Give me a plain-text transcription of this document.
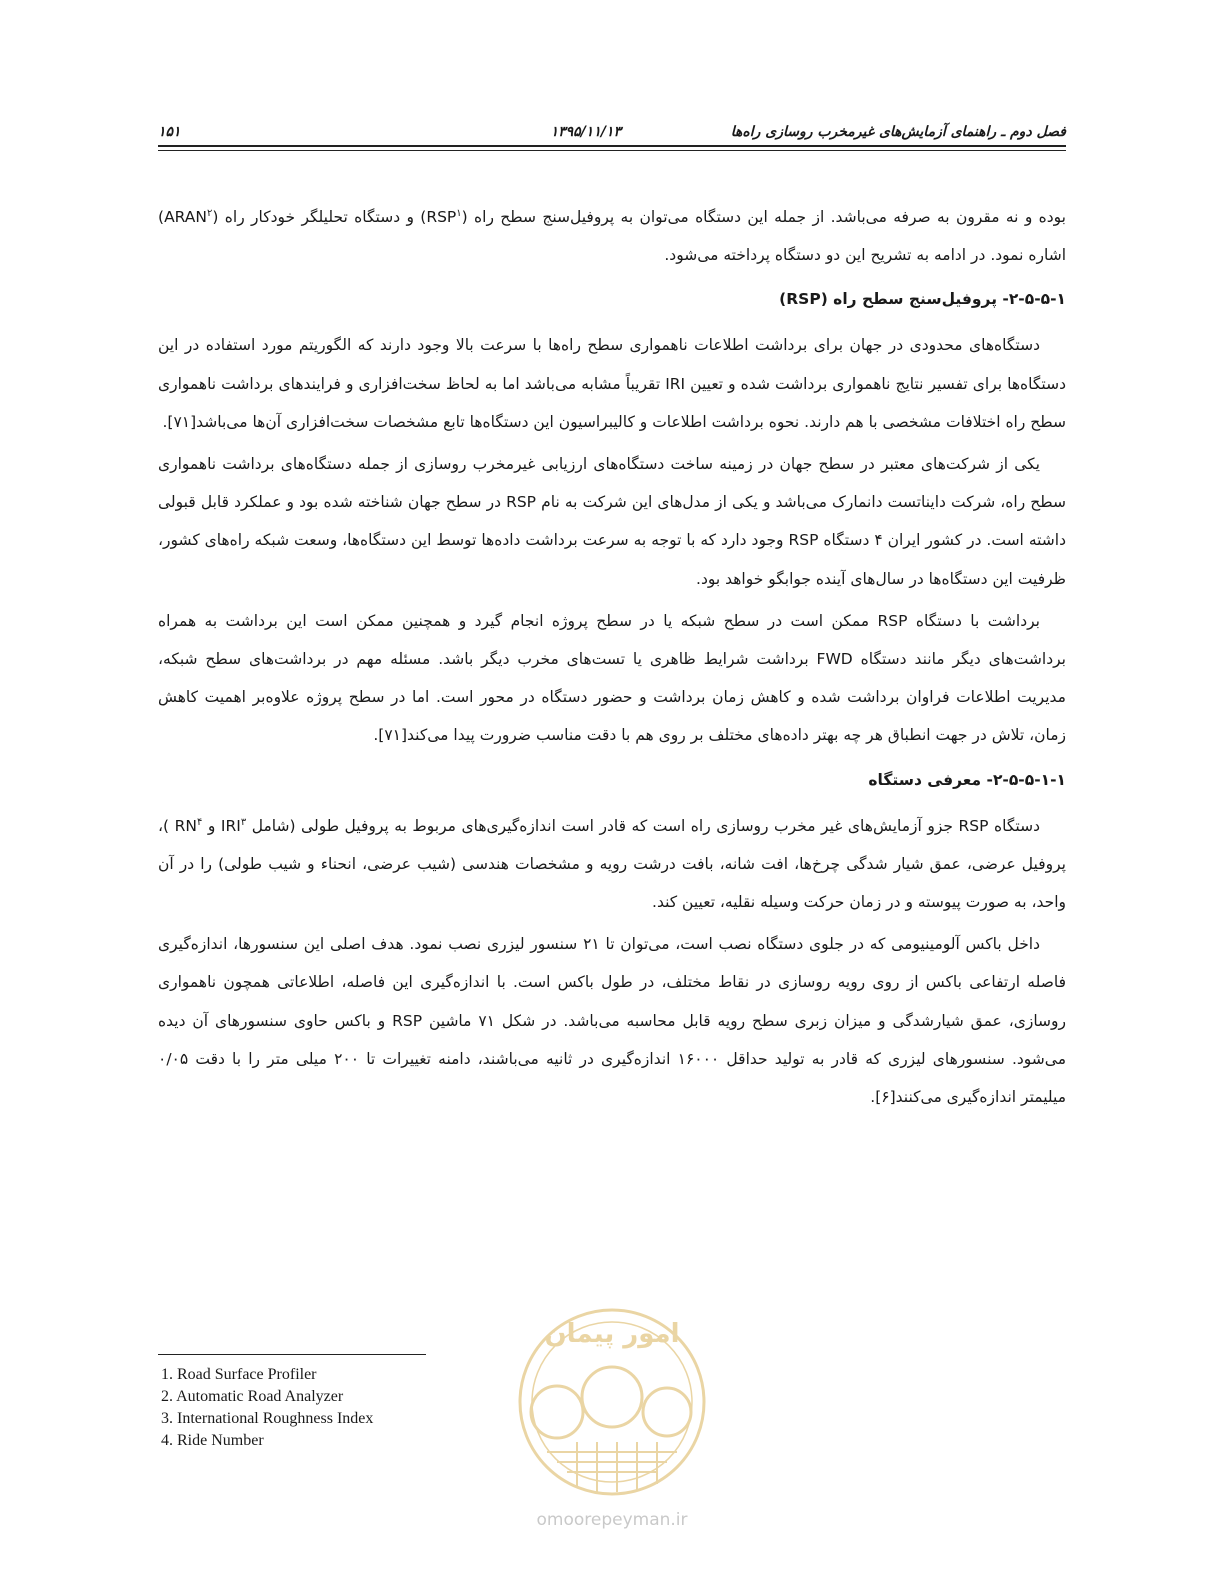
فصل دوم ـ راهنمای آزمایش‌های غیرمخرب روسازی راه‌ها
۱۳۹۵/۱۱/۱۳
۱۵۱

بوده و نه مقرون به صرفه می‌باشد. از جمله این دستگاه می‌توان به پروفیل‌سنج سطح راه (RSP$^۱$) و دستگاه تحلیلگر خودکار راه (ARAN$^۲$) اشاره نمود. در ادامه به تشریح این دو دستگاه پرداخته می‌شود.

۲-۵-۵-۱- پروفیل‌سنج سطح راه (RSP)

دستگاه‌های محدودی در جهان برای برداشت اطلاعات ناهمواری سطح راه‌ها با سرعت بالا وجود دارند که الگوریتم مورد استفاده در این دستگاه‌ها برای تفسیر نتایج ناهمواری برداشت شده و تعیین IRI تقریباً مشابه می‌باشد اما به لحاظ سخت‌افزاری و فرایندهای برداشت ناهمواری سطح راه اختلافات مشخصی با هم دارند. نحوه برداشت اطلاعات و کالیبراسیون این دستگاه‌ها تابع مشخصات سخت‌افزاری آن‌ها می‌باشد[۷۱].

یکی از شرکت‌های معتبر در سطح جهان در زمینه ساخت دستگاه‌های ارزیابی غیرمخرب روسازی از جمله دستگاه‌های برداشت ناهمواری سطح راه، شرکت دایناتست دانمارک می‌باشد و یکی از مدل‌های این شرکت به نام RSP در سطح جهان شناخته شده بود و عملکرد قابل قبولی داشته است. در کشور ایران ۴ دستگاه RSP وجود دارد که با توجه به سرعت برداشت داده‌ها توسط این دستگاه‌ها، وسعت شبکه راه‌های کشور، ظرفیت این دستگاه‌ها در سال‌های آینده جوابگو خواهد بود.

برداشت با دستگاه RSP ممکن است در سطح شبکه یا در سطح پروژه انجام گیرد و همچنین ممکن است این برداشت به همراه برداشت‌های دیگر مانند دستگاه FWD برداشت شرایط ظاهری یا تست‌های مخرب دیگر باشد. مسئله مهم در برداشت‌های سطح شبکه، مدیریت اطلاعات فراوان برداشت شده و کاهش زمان برداشت و حضور دستگاه در محور است. اما در سطح پروژه علاوه‌بر اهمیت کاهش زمان، تلاش در جهت انطباق هر چه بهتر داده‌های مختلف بر روی هم با دقت مناسب ضرورت پیدا می‌کند[۷۱].

۲-۵-۵-۱-۱- معرفی دستگاه

دستگاه RSP جزو آزمایش‌های غیر مخرب روسازی راه است که قادر است اندازه‌گیری‌های مربوط به پروفیل طولی (شامل IRI$^۳$ و $RN^۴$ )، پروفیل عرضی، عمق شیار شدگی چرخ‌ها، افت شانه، بافت درشت رویه و مشخصات هندسی (شیب عرضی، انحناء و شیب طولی) را در آن واحد، به صورت پیوسته و در زمان حرکت وسیله نقلیه، تعیین کند.

داخل باکس آلومینیومی که در جلوی دستگاه نصب است، می‌توان تا ۲۱ سنسور لیزری نصب نمود. هدف اصلی این سنسورها، اندازه‌گیری فاصله ارتفاعی باکس از روی رویه روسازی در نقاط مختلف، در طول باکس است. با اندازه‌گیری این فاصله، اطلاعاتی همچون ناهمواری روسازی، عمق شیارشدگی و میزان زبری سطح رویه قابل محاسبه می‌باشد. در شکل ۷۱ ماشین RSP و باکس حاوی سنسورهای آن دیده می‌شود. سنسورهای لیزری که قادر به تولید حداقل ۱۶۰۰۰ اندازه‌گیری در ثانیه می‌باشند، دامنه تغییرات تا ۲۰۰ میلی متر را با دقت ۰/۰۵ میلیمتر اندازه‌گیری می‌کنند[۶].

1. Road Surface Profiler
2. Automatic Road Analyzer
3. International Roughness Index
4. Ride Number
امور پیمان
omoorepeyman.ir
